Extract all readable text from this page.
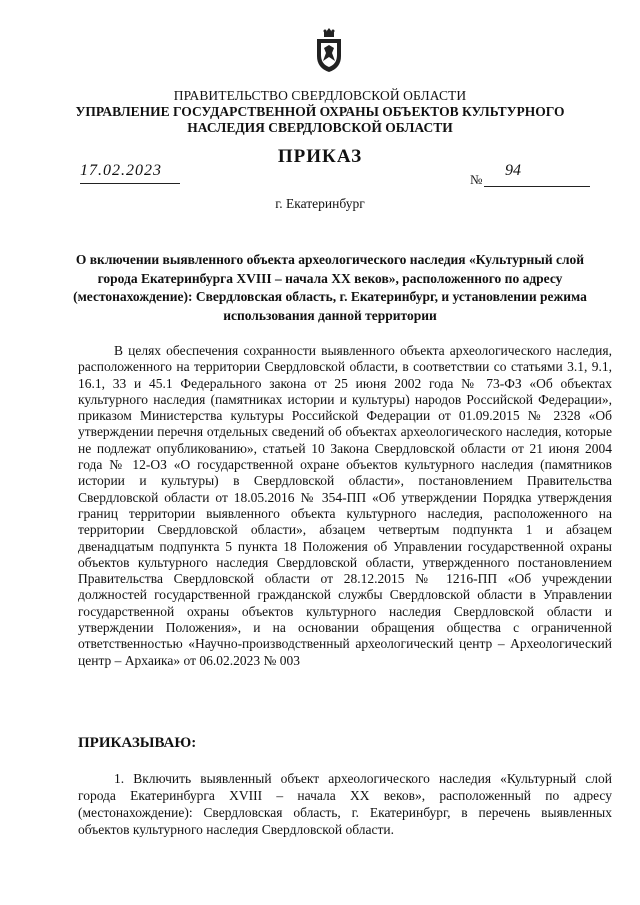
ПРАВИТЕЛЬСТВО СВЕРДЛОВСКОЙ ОБЛАСТИ
УПРАВЛЕНИЕ ГОСУДАРСТВЕННОЙ ОХРАНЫ ОБЪЕКТОВ КУЛЬТУРНОГО НАСЛЕДИЯ СВЕРДЛОВСКОЙ ОБЛАСТИ
ПРИКАЗ
17.02.2023
№
94
г. Екатеринбург
О включении выявленного объекта археологического наследия «Культурный слой города Екатеринбурга XVIII – начала XX веков», расположенного по адресу (местонахождение): Свердловская область, г. Екатеринбург, и установлении режима использования данной территории
В целях обеспечения сохранности выявленного объекта археологического наследия, расположенного на территории Свердловской области, в соответствии со статьями 3.1, 9.1, 16.1, 33 и 45.1 Федерального закона от 25 июня 2002 года № 73-ФЗ «Об объектах культурного наследия (памятниках истории и культуры) народов Российской Федерации», приказом Министерства культуры Российской Федерации от 01.09.2015 № 2328 «Об утверждении перечня отдельных сведений об объектах археологического наследия, которые не подлежат опубликованию», статьей 10 Закона Свердловской области от 21 июня 2004 года № 12-ОЗ «О государственной охране объектов культурного наследия (памятников истории и культуры) в Свердловской области», постановлением Правительства Свердловской области от 18.05.2016 № 354-ПП «Об утверждении Порядка утверждения границ территории выявленного объекта культурного наследия, расположенного на территории Свердловской области», абзацем четвертым подпункта 1 и абзацем двенадцатым подпункта 5 пункта 18 Положения об Управлении государственной охраны объектов культурного наследия Свердловской области, утвержденного постановлением Правительства Свердловской области от 28.12.2015 № 1216-ПП «Об учреждении должностей государственной гражданской службы Свердловской области в Управлении государственной охраны объектов культурного наследия Свердловской области и утверждении Положения», и на основании обращения общества с ограниченной ответственностью «Научно-производственный археологический центр – Археологический центр – Архаика» от 06.02.2023 № 003
ПРИКАЗЫВАЮ:
1. Включить выявленный объект археологического наследия «Культурный слой города Екатеринбурга XVIII – начала XX веков», расположенный по адресу (местонахождение): Свердловская область, г. Екатеринбург, в перечень выявленных объектов культурного наследия Свердловской области.
